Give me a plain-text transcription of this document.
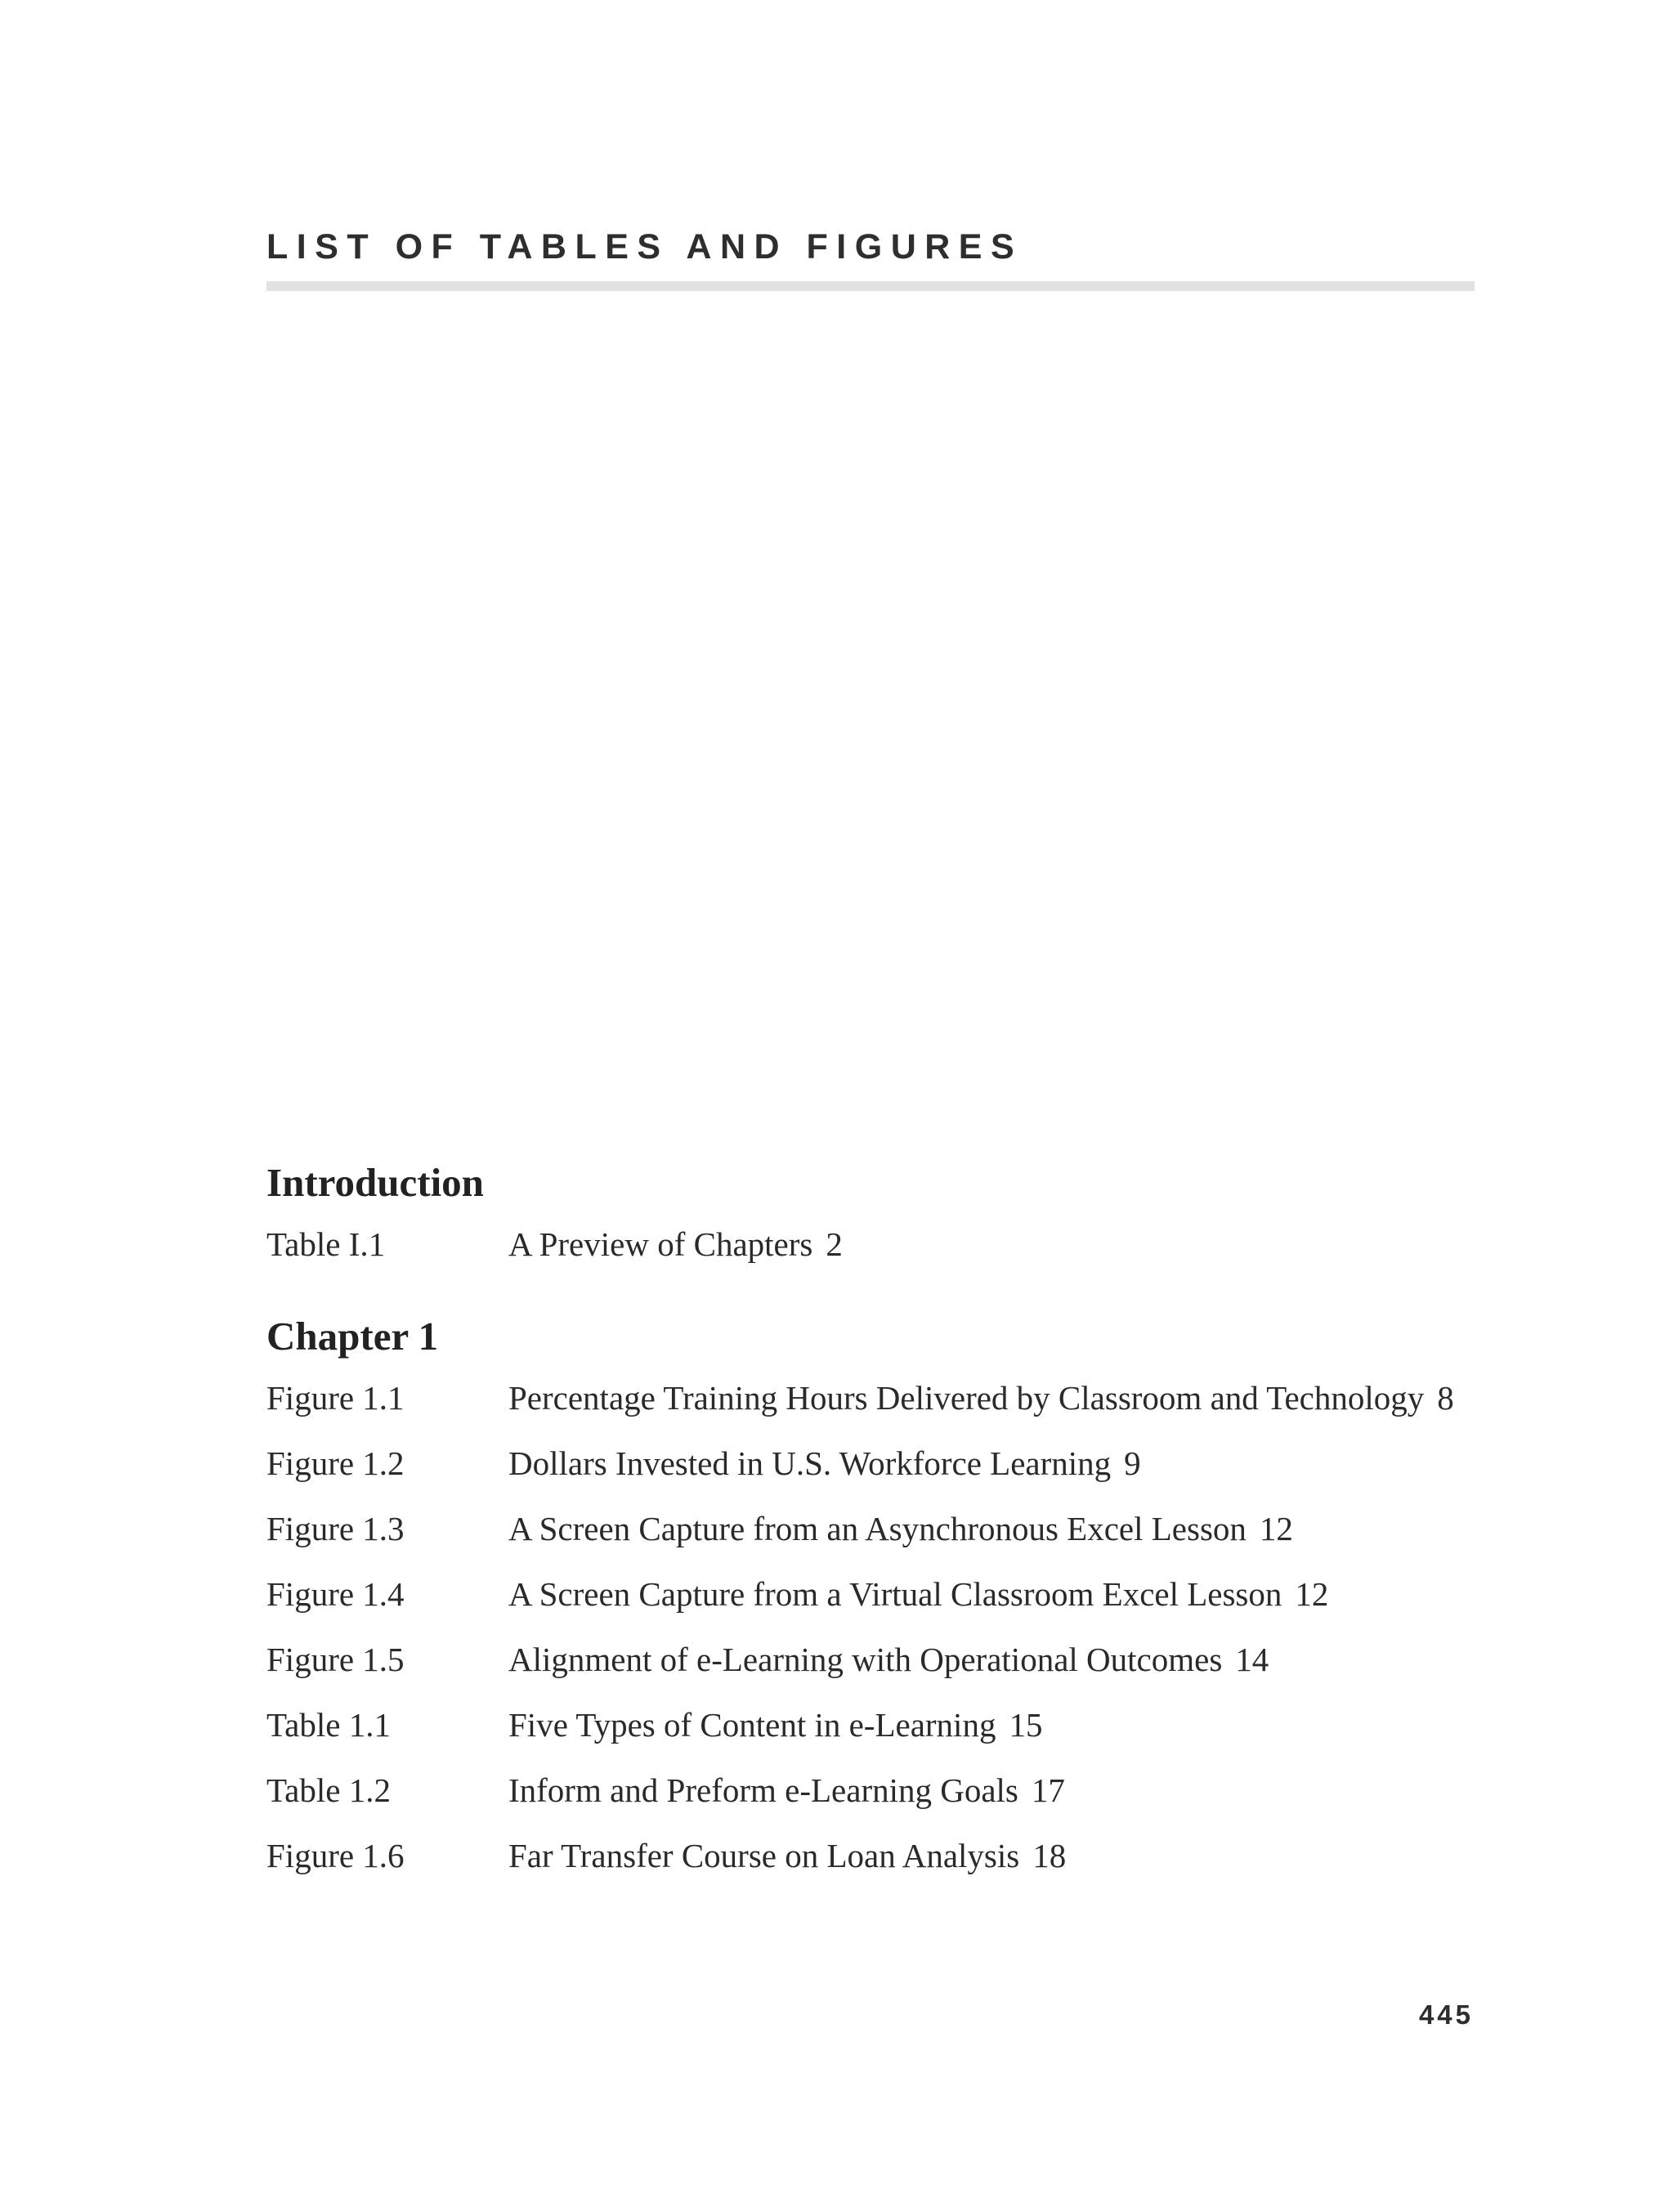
LIST OF TABLES AND FIGURES
Introduction
Table I.1	A Preview of Chapters 2
Chapter 1
Figure 1.1	Percentage Training Hours Delivered by Classroom and Technology 8
Figure 1.2	Dollars Invested in U.S. Workforce Learning 9
Figure 1.3	A Screen Capture from an Asynchronous Excel Lesson 12
Figure 1.4	A Screen Capture from a Virtual Classroom Excel Lesson 12
Figure 1.5	Alignment of e-Learning with Operational Outcomes 14
Table 1.1	Five Types of Content in e-Learning 15
Table 1.2	Inform and Preform e-Learning Goals 17
Figure 1.6	Far Transfer Course on Loan Analysis 18
445
